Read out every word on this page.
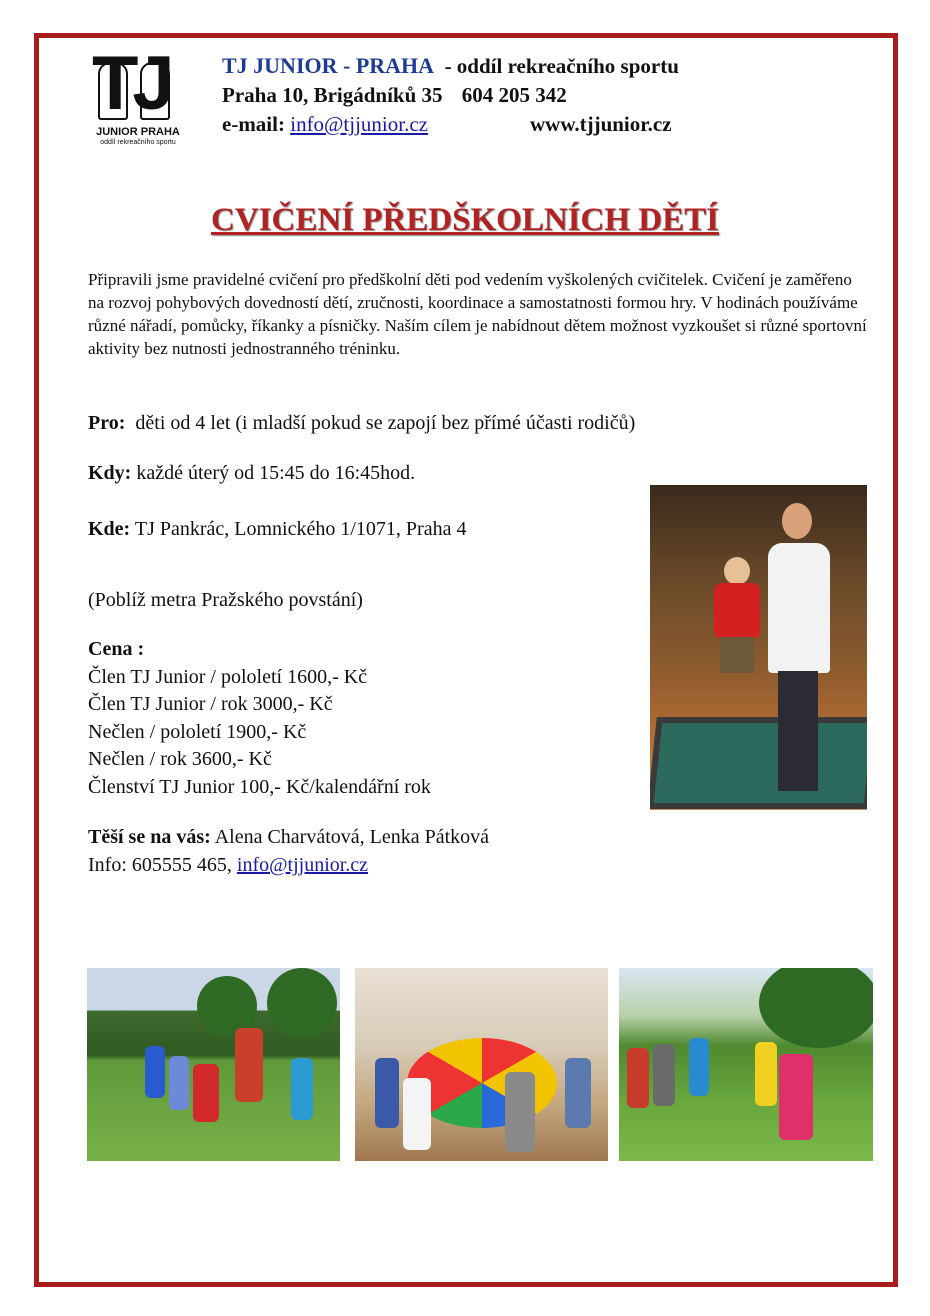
TJ
JUNIOR PRAHA
oddíl rekreačního sportu
TJ JUNIOR - PRAHA  - oddíl rekreačního sportu
Praha 10, Brigádníků 35 604 205 342
e-mail: info@tjjunior.cz	www.tjjunior.cz
CVIČENÍ PŘEDŠKOLNÍCH DĚTÍ
Připravili jsme pravidelné cvičení pro předškolní děti pod vedením vyškolených cvičitelek. Cvičení je zaměřeno na rozvoj pohybových dovedností dětí, zručnosti, koordinace a samostatnosti formou hry. V hodinách používáme různé nářadí, pomůcky, říkanky a písničky. Naším cílem je nabídnout dětem možnost vyzkoušet si různé sportovní aktivity bez nutnosti jednostranného tréninku.
Pro:  děti od 4 let (i mladší pokud se zapojí bez přímé účasti rodičů)
Kdy: každé úterý od 15:45 do 16:45hod.
Kde: TJ Pankrác, Lomnického 1/1071, Praha 4
(Poblíž metra Pražského povstání)
Cena :
Člen TJ Junior / pololetí 1600,- Kč
Člen TJ Junior / rok 3000,- Kč
Nečlen / pololetí 1900,- Kč
Nečlen / rok 3600,- Kč
Členství TJ Junior 100,- Kč/kalendářní rok
Těší se na vás: Alena Charvátová, Lenka Pátková
Info: 605555 465, info@tjjunior.cz
